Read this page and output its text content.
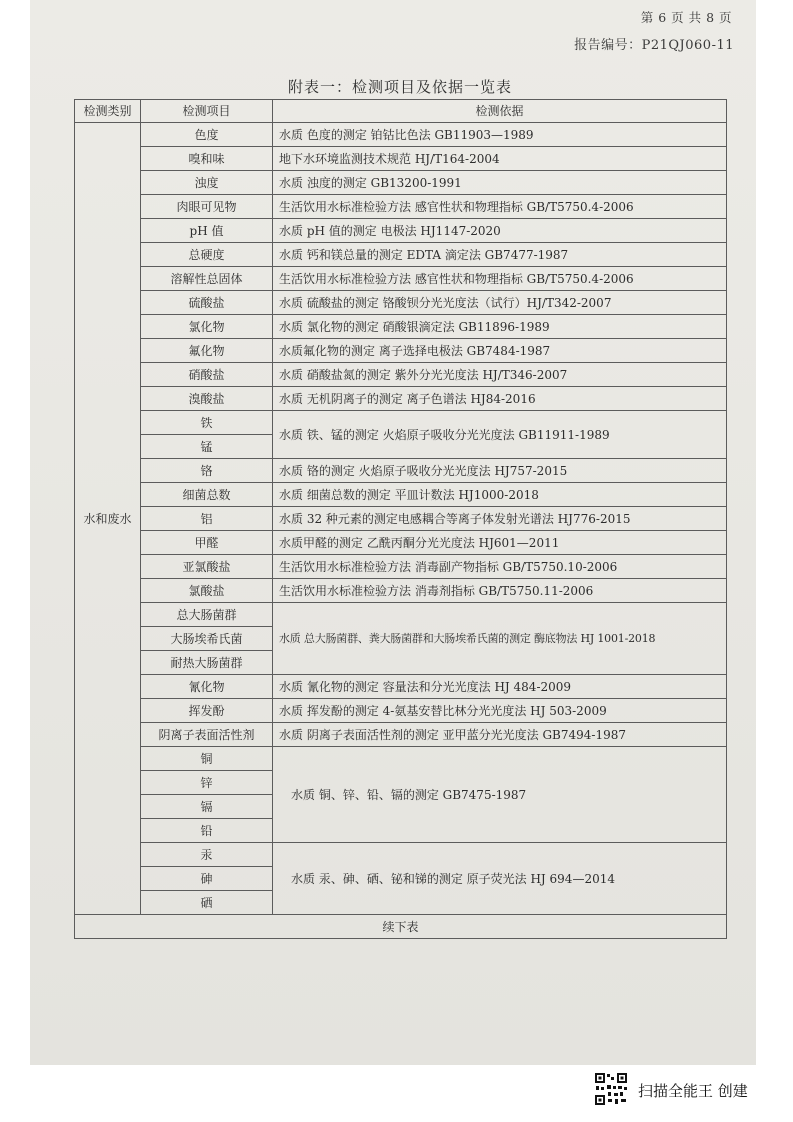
第 6 页 共 8 页
报告编号：P21QJ060-11
附表一：检测项目及依据一览表
检测类别	检测项目	检测依据
水和废水	色度	水质 色度的测定 铂钴比色法 GB11903—1989
	嗅和味	地下水环境监测技术规范 HJ/T164-2004
	浊度	水质 浊度的测定 GB13200-1991
	肉眼可见物	生活饮用水标准检验方法 感官性状和物理指标 GB/T5750.4-2006
	pH 值	水质 pH 值的测定 电极法 HJ1147-2020
	总硬度	水质 钙和镁总量的测定 EDTA 滴定法 GB7477-1987
	溶解性总固体	生活饮用水标准检验方法 感官性状和物理指标 GB/T5750.4-2006
	硫酸盐	水质 硫酸盐的测定 铬酸钡分光光度法（试行）HJ/T342-2007
	氯化物	水质 氯化物的测定 硝酸银滴定法 GB11896-1989
	氟化物	水质氟化物的测定 离子选择电极法 GB7484-1987
	硝酸盐	水质 硝酸盐氮的测定 紫外分光光度法 HJ/T346-2007
	溴酸盐	水质 无机阴离子的测定 离子色谱法 HJ84-2016
	铁	水质 铁、锰的测定 火焰原子吸收分光光度法 GB11911-1989
	锰	
	铬	水质 铬的测定 火焰原子吸收分光光度法 HJ757-2015
	细菌总数	水质 细菌总数的测定 平皿计数法 HJ1000-2018
	铝	水质 32 种元素的测定电感耦合等离子体发射光谱法 HJ776-2015
	甲醛	水质甲醛的测定 乙酰丙酮分光光度法 HJ601—2011
	亚氯酸盐	生活饮用水标准检验方法 消毒副产物指标 GB/T5750.10-2006
	氯酸盐	生活饮用水标准检验方法 消毒剂指标 GB/T5750.11-2006
	总大肠菌群	水质 总大肠菌群、粪大肠菌群和大肠埃希氏菌的测定 酶底物法 HJ 1001-2018
	大肠埃希氏菌	
	耐热大肠菌群	
	氰化物	水质 氰化物的测定 容量法和分光光度法 HJ 484-2009
	挥发酚	水质 挥发酚的测定 4-氨基安替比林分光光度法 HJ 503-2009
	阴离子表面活性剂	水质 阴离子表面活性剂的测定 亚甲蓝分光光度法 GB7494-1987
	铜	水质 铜、锌、铅、镉的测定 GB7475-1987
	锌	
	镉	
	铅	
	汞	水质 汞、砷、硒、铋和锑的测定 原子荧光法 HJ 694—2014
	砷	
	硒	
续下表		
扫描全能王 创建
